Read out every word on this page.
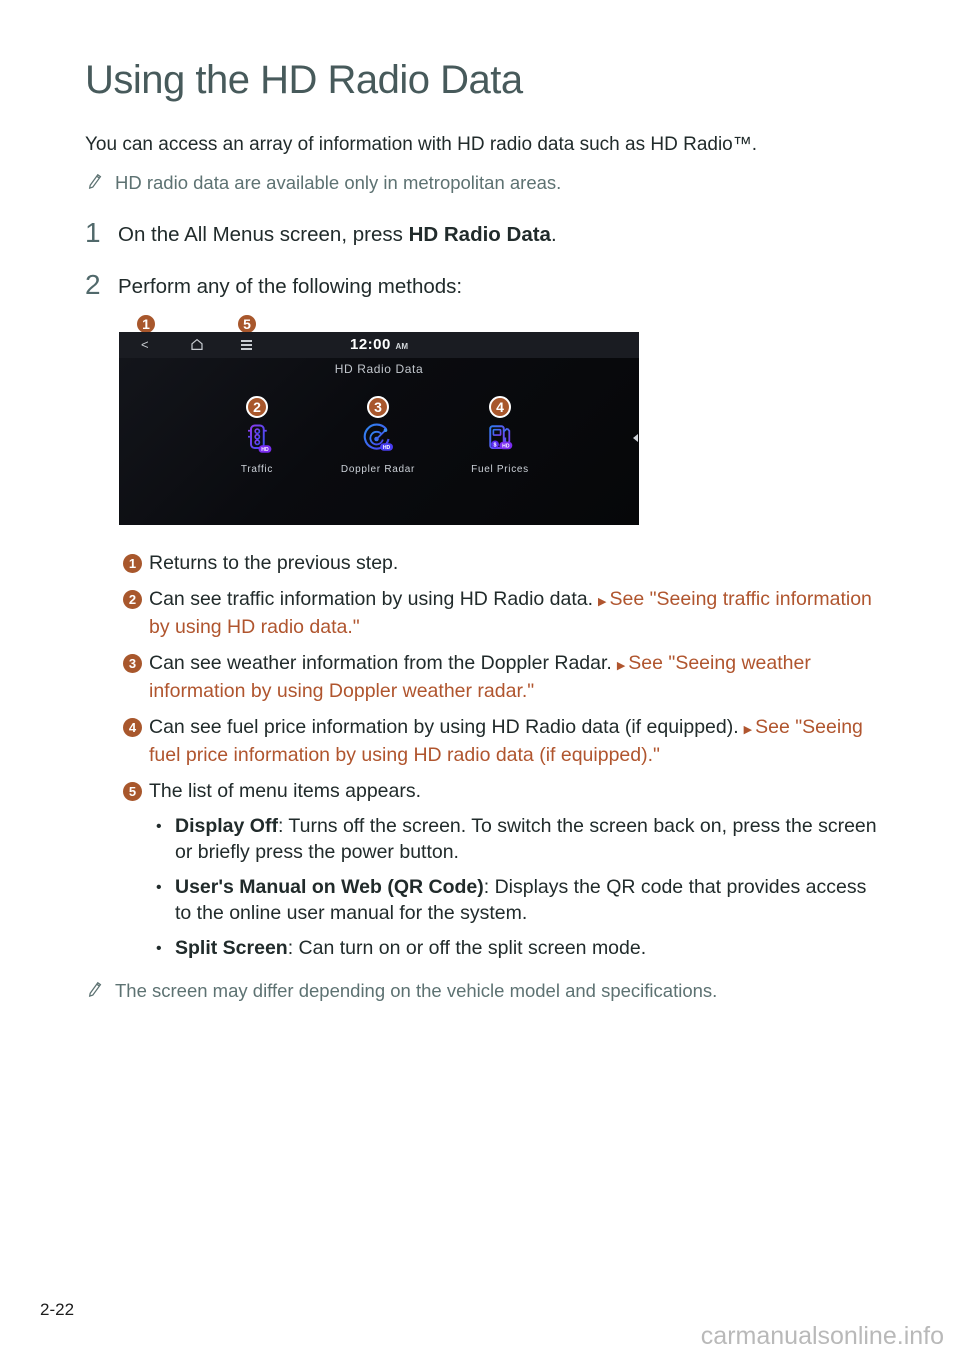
Using the HD Radio Data

You can access an array of information with HD radio data such as HD Radio™.

HD radio data are available only in metropolitan areas.
1 On the All Menus screen, press HD Radio Data.
2 Perform any of the following methods:
1	5
<	12:00 AM
HD Radio Data
2
HD
Traffic
3
HD
Doppler Radar
4
$ HD
Fuel Prices
1 Returns to the previous step.
2 Can see traffic information by using HD Radio data. ▶ See "Seeing traffic information by using HD radio data."
3 Can see weather information from the Doppler Radar. ▶ See "Seeing weather information by using Doppler weather radar."
4 Can see fuel price information by using HD Radio data (if equipped). ▶ See "Seeing fuel price information by using HD radio data (if equipped)."
5 The list of menu items appears.
• Display Off: Turns off the screen. To switch the screen back on, press the screen or briefly press the power button.
• User's Manual on Web (QR Code): Displays the QR code that provides access to the online user manual for the system.
• Split Screen: Can turn on or off the split screen mode.
The screen may differ depending on the vehicle model and specifications.
2-22
carmanualsonline.info
